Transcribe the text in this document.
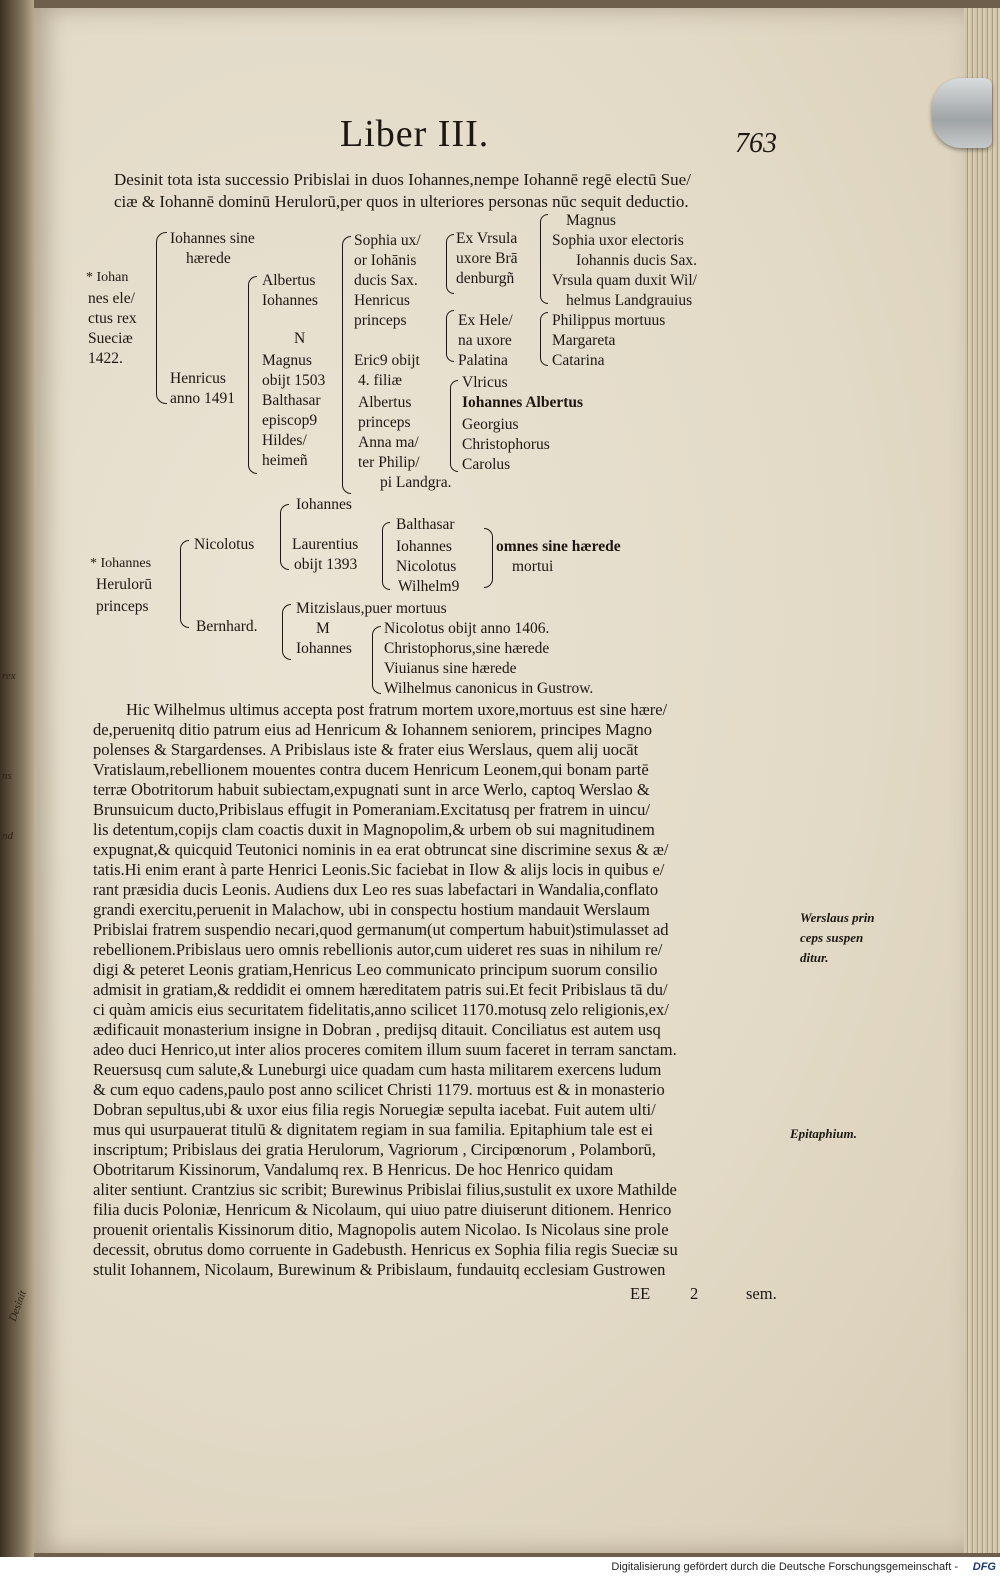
rex
ns
nd
Desinit
Liber III.	763
Desinit tota ista successio Pribislai in duos Iohannes,nempe Iohannē regē electū Sue/
ciæ & Iohannē dominū Herulorū,per quos in ulteriores personas nūc sequit deductio.
* Iohan
nes ele/
ctus rex
Sueciæ
1422.
Iohannes sine
hærede
Henricus
anno 1491
Albertus
Iohannes
N
Magnus
obijt 1503
Balthasar
episcop9
Hildes/
heimeñ
Sophia ux/
or Iohānis
ducis Sax.
Henricus
princeps
Eric9 obijt
4. filiæ
Albertus
princeps
Anna ma/
ter Philip/
pi Landgra.
Ex Vrsula
uxore Brā
denburgñ
Ex Hele/
na uxore
Palatina
Vlricus
Iohannes Albertus
Georgius
Christophorus
Carolus
Magnus
Sophia uxor electoris
Iohannis ducis Sax.
Vrsula quam duxit Wil/
helmus Landgrauius
Philippus mortuus
Margareta
Catarina
* Iohannes
Herulorū
princeps
Nicolotus
Bernhard.
Iohannes
Laurentius
obijt 1393
Balthasar
Iohannes
Nicolotus
Wilhelm9
omnes sine hærede
mortui
Mitzislaus,puer mortuus
M
Iohannes
Nicolotus obijt anno 1406.
Christophorus,sine hærede
Viuianus sine hærede
Wilhelmus canonicus in Gustrow.
Hic Wilhelmus ultimus accepta post fratrum mortem uxore,mortuus est sine hære/
de,peruenitq ditio patrum eius ad Henricum & Iohannem seniorem, principes Magno
polenses & Stargardenses. A Pribislaus iste & frater eius Werslaus, quem alij uocāt
Vratislaum,rebellionem mouentes contra ducem Henricum Leonem,qui bonam partē
terræ Obotritorum habuit subiectam,expugnati sunt in arce Werlo, captoq Werslao &
Brunsuicum ducto,Pribislaus effugit in Pomeraniam.Excitatusq per fratrem in uincu/
lis detentum,copijs clam coactis duxit in Magnopolim,& urbem ob sui magnitudinem
expugnat,& quicquid Teutonici nominis in ea erat obtruncat sine discrimine sexus & æ/
tatis.Hi enim erant à parte Henrici Leonis.Sic faciebat in Ilow & alijs locis in quibus e/
rant præsidia ducis Leonis. Audiens dux Leo res suas labefactari in Wandalia,conflato
grandi exercitu,peruenit in Malachow, ubi in conspectu hostium mandauit Werslaum
Pribislai fratrem suspendio necari,quod germanum(ut compertum habuit)stimulasset ad
rebellionem.Pribislaus uero omnis rebellionis autor,cum uideret res suas in nihilum re/
digi & peteret Leonis gratiam,Henricus Leo communicato principum suorum consilio
admisit in gratiam,& reddidit ei omnem hæreditatem patris sui.Et fecit Pribislaus tā du/
ci quàm amicis eius securitatem fidelitatis,anno scilicet 1170.motusq zelo religionis,ex/
ædificauit monasterium insigne in Dobran , predijsq ditauit. Conciliatus est autem usq
adeo duci Henrico,ut inter alios proceres comitem illum suum faceret in terram sanctam.
Reuersusq cum salute,& Luneburgi uice quadam cum hasta militarem exercens ludum
& cum equo cadens,paulo post anno scilicet Christi 1179. mortuus est & in monasterio
Dobran sepultus,ubi & uxor eius filia regis Noruegiæ sepulta iacebat. Fuit autem ulti/
mus qui usurpauerat titulū & dignitatem regiam in sua familia. Epitaphium tale est ei
inscriptum; Pribislaus dei gratia Herulorum, Vagriorum , Circipœnorum , Polamborū,
Obotritarum Kissinorum, Vandalumq rex. B Henricus. De hoc Henrico quidam
aliter sentiunt. Crantzius sic scribit; Burewinus Pribislai filius,sustulit ex uxore Mathilde
filia ducis Poloniæ, Henricum & Nicolaum, qui uiuo patre diuiserunt ditionem. Henrico
prouenit orientalis Kissinorum ditio, Magnopolis autem Nicolao. Is Nicolaus sine prole
decessit, obrutus domo corruente in Gadebusth. Henricus ex Sophia filia regis Sueciæ su
stulit Iohannem, Nicolaum, Burewinum & Pribislaum, fundauitq ecclesiam Gustrowen
EE 2	sem.
Werslaus prin
ceps suspen
ditur.
Epitaphium.
Digitalisierung gefördert durch die Deutsche Forschungsgemeinschaft - DFG
